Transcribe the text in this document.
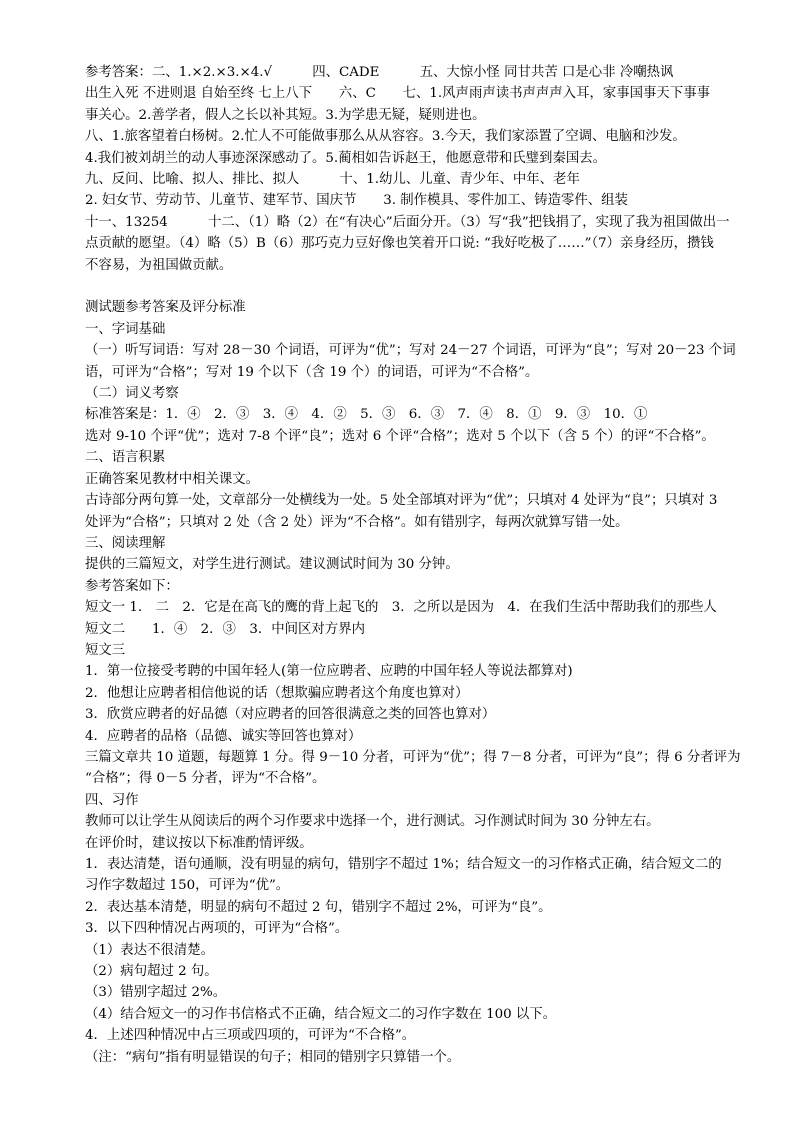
参考答案：二、1.×2.×3.×4.√　　　四、CADE　　　五、大惊小怪 同甘共苦 口是心非 冷嘲热讽
出生入死 不进则退 自始至终 七上八下　　六、C　　七、1.风声雨声读书声声声入耳，家事国事天下事事
事关心。2.善学者，假人之长以补其短。3.为学患无疑，疑则进也。
八、1.旅客望着白杨树。2.忙人不可能做事那么从从容容。3.今天，我们家添置了空调、电脑和沙发。
4.我们被刘胡兰的动人事迹深深感动了。5.蔺相如告诉赵王，他愿意带和氏璧到秦国去。
九、反问、比喻、拟人、排比、拟人　　　十、1.幼儿、儿童、青少年、中年、老年
2. 妇女节、劳动节、儿童节、建军节、国庆节　　3. 制作模具、零件加工、铸造零件、组装
十一、13254　　　十二、（1）略（2）在“有决心”后面分开。（3）写“我”把钱捐了，实现了我为祖国做出一
点贡献的愿望。（4）略（5）B（6）那巧克力豆好像也笑着开口说: “我好吃极了……”（7）亲身经历，攒钱
不容易，为祖国做贡献。
测试题参考答案及评分标准
一、字词基础
（一）听写词语：写对 28－30 个词语，可评为“优”；写对 24－27 个词语，可评为“良”；写对 20－23 个词
语，可评为“合格”；写对 19 个以下（含 19 个）的词语，可评为“不合格”。
（二）词义考察
标准答案是：1．④　2．③　3．④　4．②　5．③　6．③　7．④　8．①　9．③　10．①
选对 9-10 个评“优”；选对 7-8 个评“良”；选对 6 个评“合格”；选对 5 个以下（含 5 个）的评“不合格”。
二、语言积累
正确答案见教材中相关课文。
古诗部分两句算一处，文章部分一处横线为一处。5 处全部填对评为“优”；只填对 4 处评为“良”；只填对 3
处评为“合格”；只填对 2 处（含 2 处）评为“不合格”。如有错别字，每两次就算写错一处。
三、阅读理解
提供的三篇短文，对学生进行测试。建议测试时间为 30 分钟。
参考答案如下：
短文一 1． 二　2．它是在高飞的鹰的背上起飞的　3．之所以是因为　4．在我们生活中帮助我们的那些人
短文二　　1．④　2．③　3．中间区对方界内
短文三
1．第一位接受考聘的中国年轻人(第一位应聘者、应聘的中国年轻人等说法都算对)
2．他想让应聘者相信他说的话（想欺骗应聘者这个角度也算对）
3．欣赏应聘者的好品德（对应聘者的回答很满意之类的回答也算对）
4．应聘者的品格（品德、诚实等回答也算对）
三篇文章共 10 道题，每题算 1 分。得 9－10 分者，可评为“优”；得 7－8 分者，可评为“良”；得 6 分者评为
“合格”；得 0－5 分者，评为“不合格”。
四、习作
教师可以让学生从阅读后的两个习作要求中选择一个，进行测试。习作测试时间为 30 分钟左右。
在评价时，建议按以下标准酌情评级。
1．表达清楚，语句通顺，没有明显的病句，错别字不超过 1%；结合短文一的习作格式正确，结合短文二的
习作字数超过 150，可评为“优”。
2．表达基本清楚，明显的病句不超过 2 句，错别字不超过 2%，可评为“良”。
3．以下四种情况占两项的，可评为“合格”。
（1）表达不很清楚。
（2）病句超过 2 句。
（3）错别字超过 2%。
（4）结合短文一的习作书信格式不正确，结合短文二的习作字数在 100 以下。
4．上述四种情况中占三项或四项的，可评为“不合格”。
（注：“病句”指有明显错误的句子；相同的错别字只算错一个。
